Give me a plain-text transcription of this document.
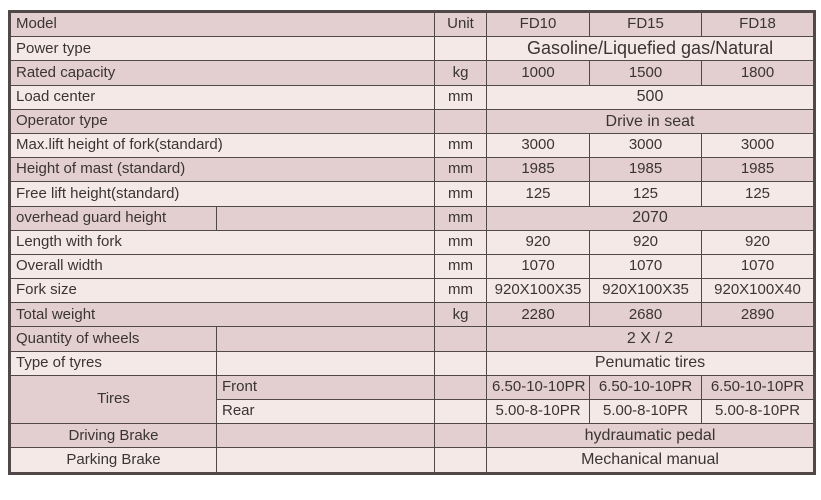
Model		Unit	FD10	FD15	FD18
Power type			Gasoline/Liquefied gas/Natural		
Rated capacity		kg	1000	1500	1800
Load center		mm	500		
Operator type			Drive in seat		
Max.lift height of fork(standard)		mm	3000	3000	3000
Height of mast (standard)		mm	1985	1985	1985
Free lift height(standard)		mm	125	125	125
overhead guard height		mm	2070		
Length with fork		mm	920	920	920
Overall width		mm	1070	1070	1070
Fork size		mm	920X100X35	920X100X35	920X100X40
Total weight		kg	2280	2680	2890
Quantity of wheels			2 X / 2		
Type of tyres			Penumatic tires		
Tires	Front		6.50-10-10PR	6.50-10-10PR	6.50-10-10PR
	Rear		5.00-8-10PR	5.00-8-10PR	5.00-8-10PR
Driving Brake			hydraumatic pedal		
Parking Brake			Mechanical manual		
